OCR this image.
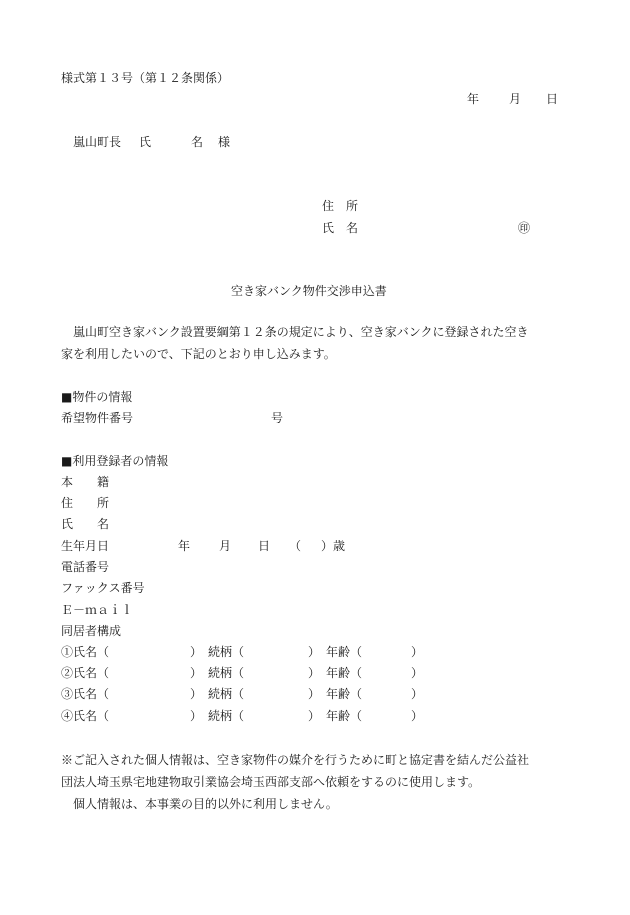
様式第１３号（第１２条関係）
年 月 日
嵐山町長 氏	名 様
住　所
氏　名	㊞
空き家バンク物件交渉申込書
嵐山町空き家バンク設置要綱第１２条の規定により、空き家バンクに登録された空き
家を利用したいので、下記のとおり申し込みます。
■物件の情報
希望物件番号	号
■利用登録者の情報
本　　籍
住　　所
氏　　名
生年月日	年 月 日 （ ）歳
電話番号
ファックス番号
Ｅ－ｍａｉｌ
同居者構成
①氏名（	）　続柄（	）　年齢（	）
②氏名（	）　続柄（	）　年齢（	）
③氏名（	）　続柄（	）　年齢（	）
④氏名（	）　続柄（	）　年齢（	）
※ご記入された個人情報は、空き家物件の媒介を行うために町と協定書を結んだ公益社
団法人埼玉県宅地建物取引業協会埼玉西部支部へ依頼をするのに使用します。
個人情報は、本事業の目的以外に利用しません。
